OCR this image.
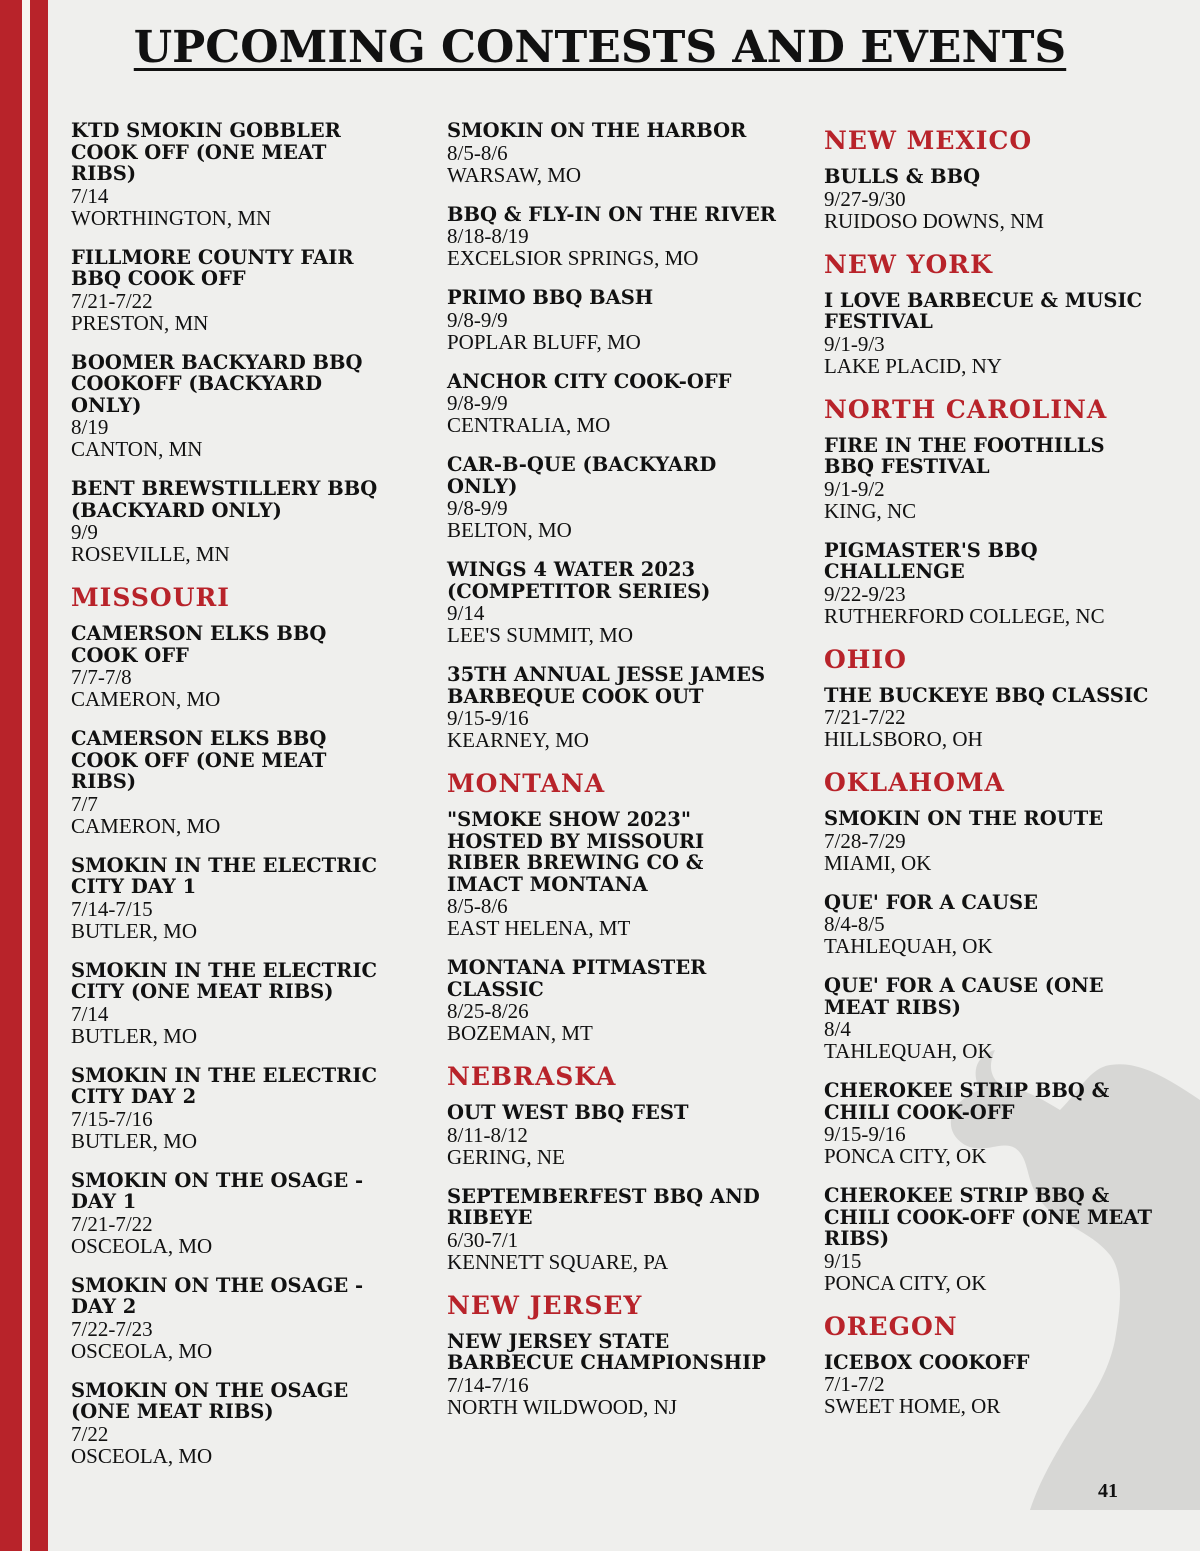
UPCOMING CONTESTS AND EVENTS
KTD SMOKIN GOBBLER COOK OFF (ONE MEAT RIBS)
7/14
WORTHINGTON, MN
FILLMORE COUNTY FAIR BBQ COOK OFF
7/21-7/22
PRESTON, MN
BOOMER BACKYARD BBQ COOKOFF (BACKYARD ONLY)
8/19
CANTON, MN
BENT BREWSTILLERY BBQ (BACKYARD ONLY)
9/9
ROSEVILLE, MN
MISSOURI
CAMERSON ELKS BBQ COOK OFF
7/7-7/8
CAMERON, MO
CAMERSON ELKS BBQ COOK OFF (ONE MEAT RIBS)
7/7
CAMERON, MO
SMOKIN IN THE ELECTRIC CITY DAY 1
7/14-7/15
BUTLER, MO
SMOKIN IN THE ELECTRIC CITY (ONE MEAT RIBS)
7/14
BUTLER, MO
SMOKIN IN THE ELECTRIC CITY DAY 2
7/15-7/16
BUTLER, MO
SMOKIN ON THE OSAGE - DAY 1
7/21-7/22
OSCEOLA, MO
SMOKIN ON THE OSAGE - DAY 2
7/22-7/23
OSCEOLA, MO
SMOKIN ON THE OSAGE (ONE MEAT RIBS)
7/22
OSCEOLA, MO
SMOKIN ON THE HARBOR
8/5-8/6
WARSAW, MO
BBQ & FLY-IN ON THE RIVER
8/18-8/19
EXCELSIOR SPRINGS, MO
PRIMO BBQ BASH
9/8-9/9
POPLAR BLUFF, MO
ANCHOR CITY COOK-OFF
9/8-9/9
CENTRALIA, MO
CAR-B-QUE (BACKYARD ONLY)
9/8-9/9
BELTON, MO
WINGS 4 WATER 2023 (COMPETITOR SERIES)
9/14
LEE'S SUMMIT, MO
35TH ANNUAL JESSE JAMES BARBEQUE COOK OUT
9/15-9/16
KEARNEY, MO
MONTANA
"SMOKE SHOW 2023" HOSTED BY MISSOURI RIBER BREWING CO & IMACT MONTANA
8/5-8/6
EAST HELENA, MT
MONTANA PITMASTER CLASSIC
8/25-8/26
BOZEMAN, MT
NEBRASKA
OUT WEST BBQ FEST
8/11-8/12
GERING, NE
SEPTEMBERFEST BBQ AND RIBEYE
6/30-7/1
KENNETT SQUARE, PA
NEW JERSEY
NEW JERSEY STATE BARBECUE CHAMPIONSHIP
7/14-7/16
NORTH WILDWOOD, NJ
NEW MEXICO
BULLS & BBQ
9/27-9/30
RUIDOSO DOWNS, NM
NEW YORK
I LOVE BARBECUE & MUSIC FESTIVAL
9/1-9/3
LAKE PLACID, NY
NORTH CAROLINA
FIRE IN THE FOOTHILLS BBQ FESTIVAL
9/1-9/2
KING, NC
PIGMASTER'S BBQ CHALLENGE
9/22-9/23
RUTHERFORD COLLEGE, NC
OHIO
THE BUCKEYE BBQ CLASSIC
7/21-7/22
HILLSBORO, OH
OKLAHOMA
SMOKIN ON THE ROUTE
7/28-7/29
MIAMI, OK
QUE' FOR A CAUSE
8/4-8/5
TAHLEQUAH, OK
QUE' FOR A CAUSE (ONE MEAT RIBS)
8/4
TAHLEQUAH, OK
CHEROKEE STRIP BBQ & CHILI COOK-OFF
9/15-9/16
PONCA CITY, OK
CHEROKEE STRIP BBQ & CHILI COOK-OFF (ONE MEAT RIBS)
9/15
PONCA CITY, OK
OREGON
ICEBOX COOKOFF
7/1-7/2
SWEET HOME, OR
41
